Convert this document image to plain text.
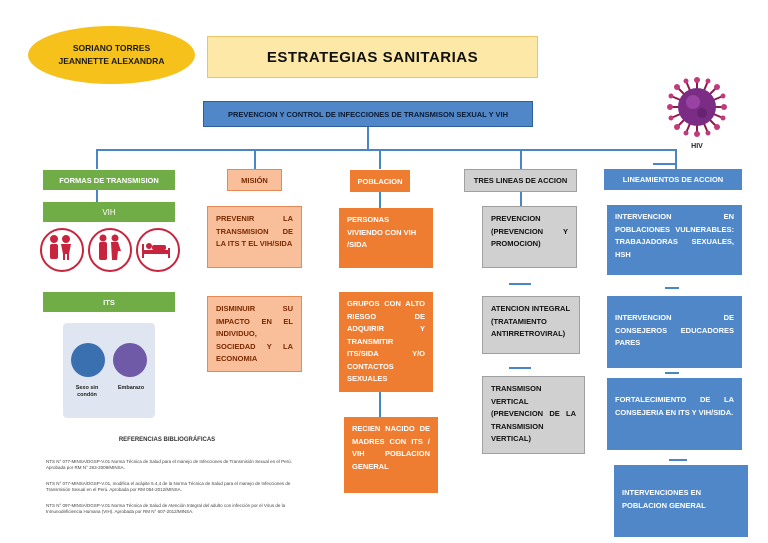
SORIANO TORRES
JEANNETTE ALEXANDRA	ESTRATEGIAS SANITARIAS
PREVENCION Y CONTROL DE INFECCIONES DE TRANSMISON SEXUAL Y VIH
HIV
FORMAS DE TRANSMISION
VIH
ITS
Sexo sin condón
Embarazo
REFERENCIAS BIBLIOGRÁFICAS
NTS N° 077-MINSA/DGSP-V.01 Norma Técnica de Salud para el manejo de Infecciones de Transmisión Sexual en el Perú. Aprobada por RM N° 263-2009/MINSA.
NTS N° 077-MINSA/DGSP-V.01, modifica el acápite 5.4.4 de la Norma Técnica de Salud para el manejo de Infecciones de Transmisión Sexual en el Perú. Aprobada por RM 084-2012/MINSA.
NTS N° 097-MINSA/DGSP-V.01 Norma Técnica de Salud de Atención Integral del adulto con infección por el Virus de la Inmunodeficiencia Humana (VIH). Aprobada por RM N° 607-2012/MINSA.
MISIÓN
PREVENIR LA TRANSMISION DE LA ITS T EL VIH/SIDA
DISMINUIR SU IMPACTO EN EL INDIVIDUO, SOCIEDAD Y LA ECONOMIA
POBLACION
PERSONAS VIVIENDO CON VIH /SIDA
GRUPOS CON ALTO RIESGO DE ADQUIRIR Y TRANSMITIR ITS/SIDA Y/O CONTACTOS SEXUALES
RECIEN NACIDO DE MADRES CON ITS / VIH POBLACION GENERAL
TRES LINEAS DE ACCION
PREVENCION (PREVENCION Y PROMOCION)
ATENCION INTEGRAL (TRATAMIENTO ANTIRRETROVIRAL)
TRANSMISON VERTICAL (PREVENCION DE LA TRANSMISION VERTICAL)
LINEAMIENTOS DE ACCION
INTERVENCION EN POBLACIONES VULNERABLES: TRABAJADORAS SEXUALES, HSH
INTERVENCION DE CONSEJEROS EDUCADORES PARES
FORTALECIMIENTO DE LA CONSEJERIA EN ITS Y VIH/SIDA.
INTERVENCIONES EN POBLACION GENERAL
